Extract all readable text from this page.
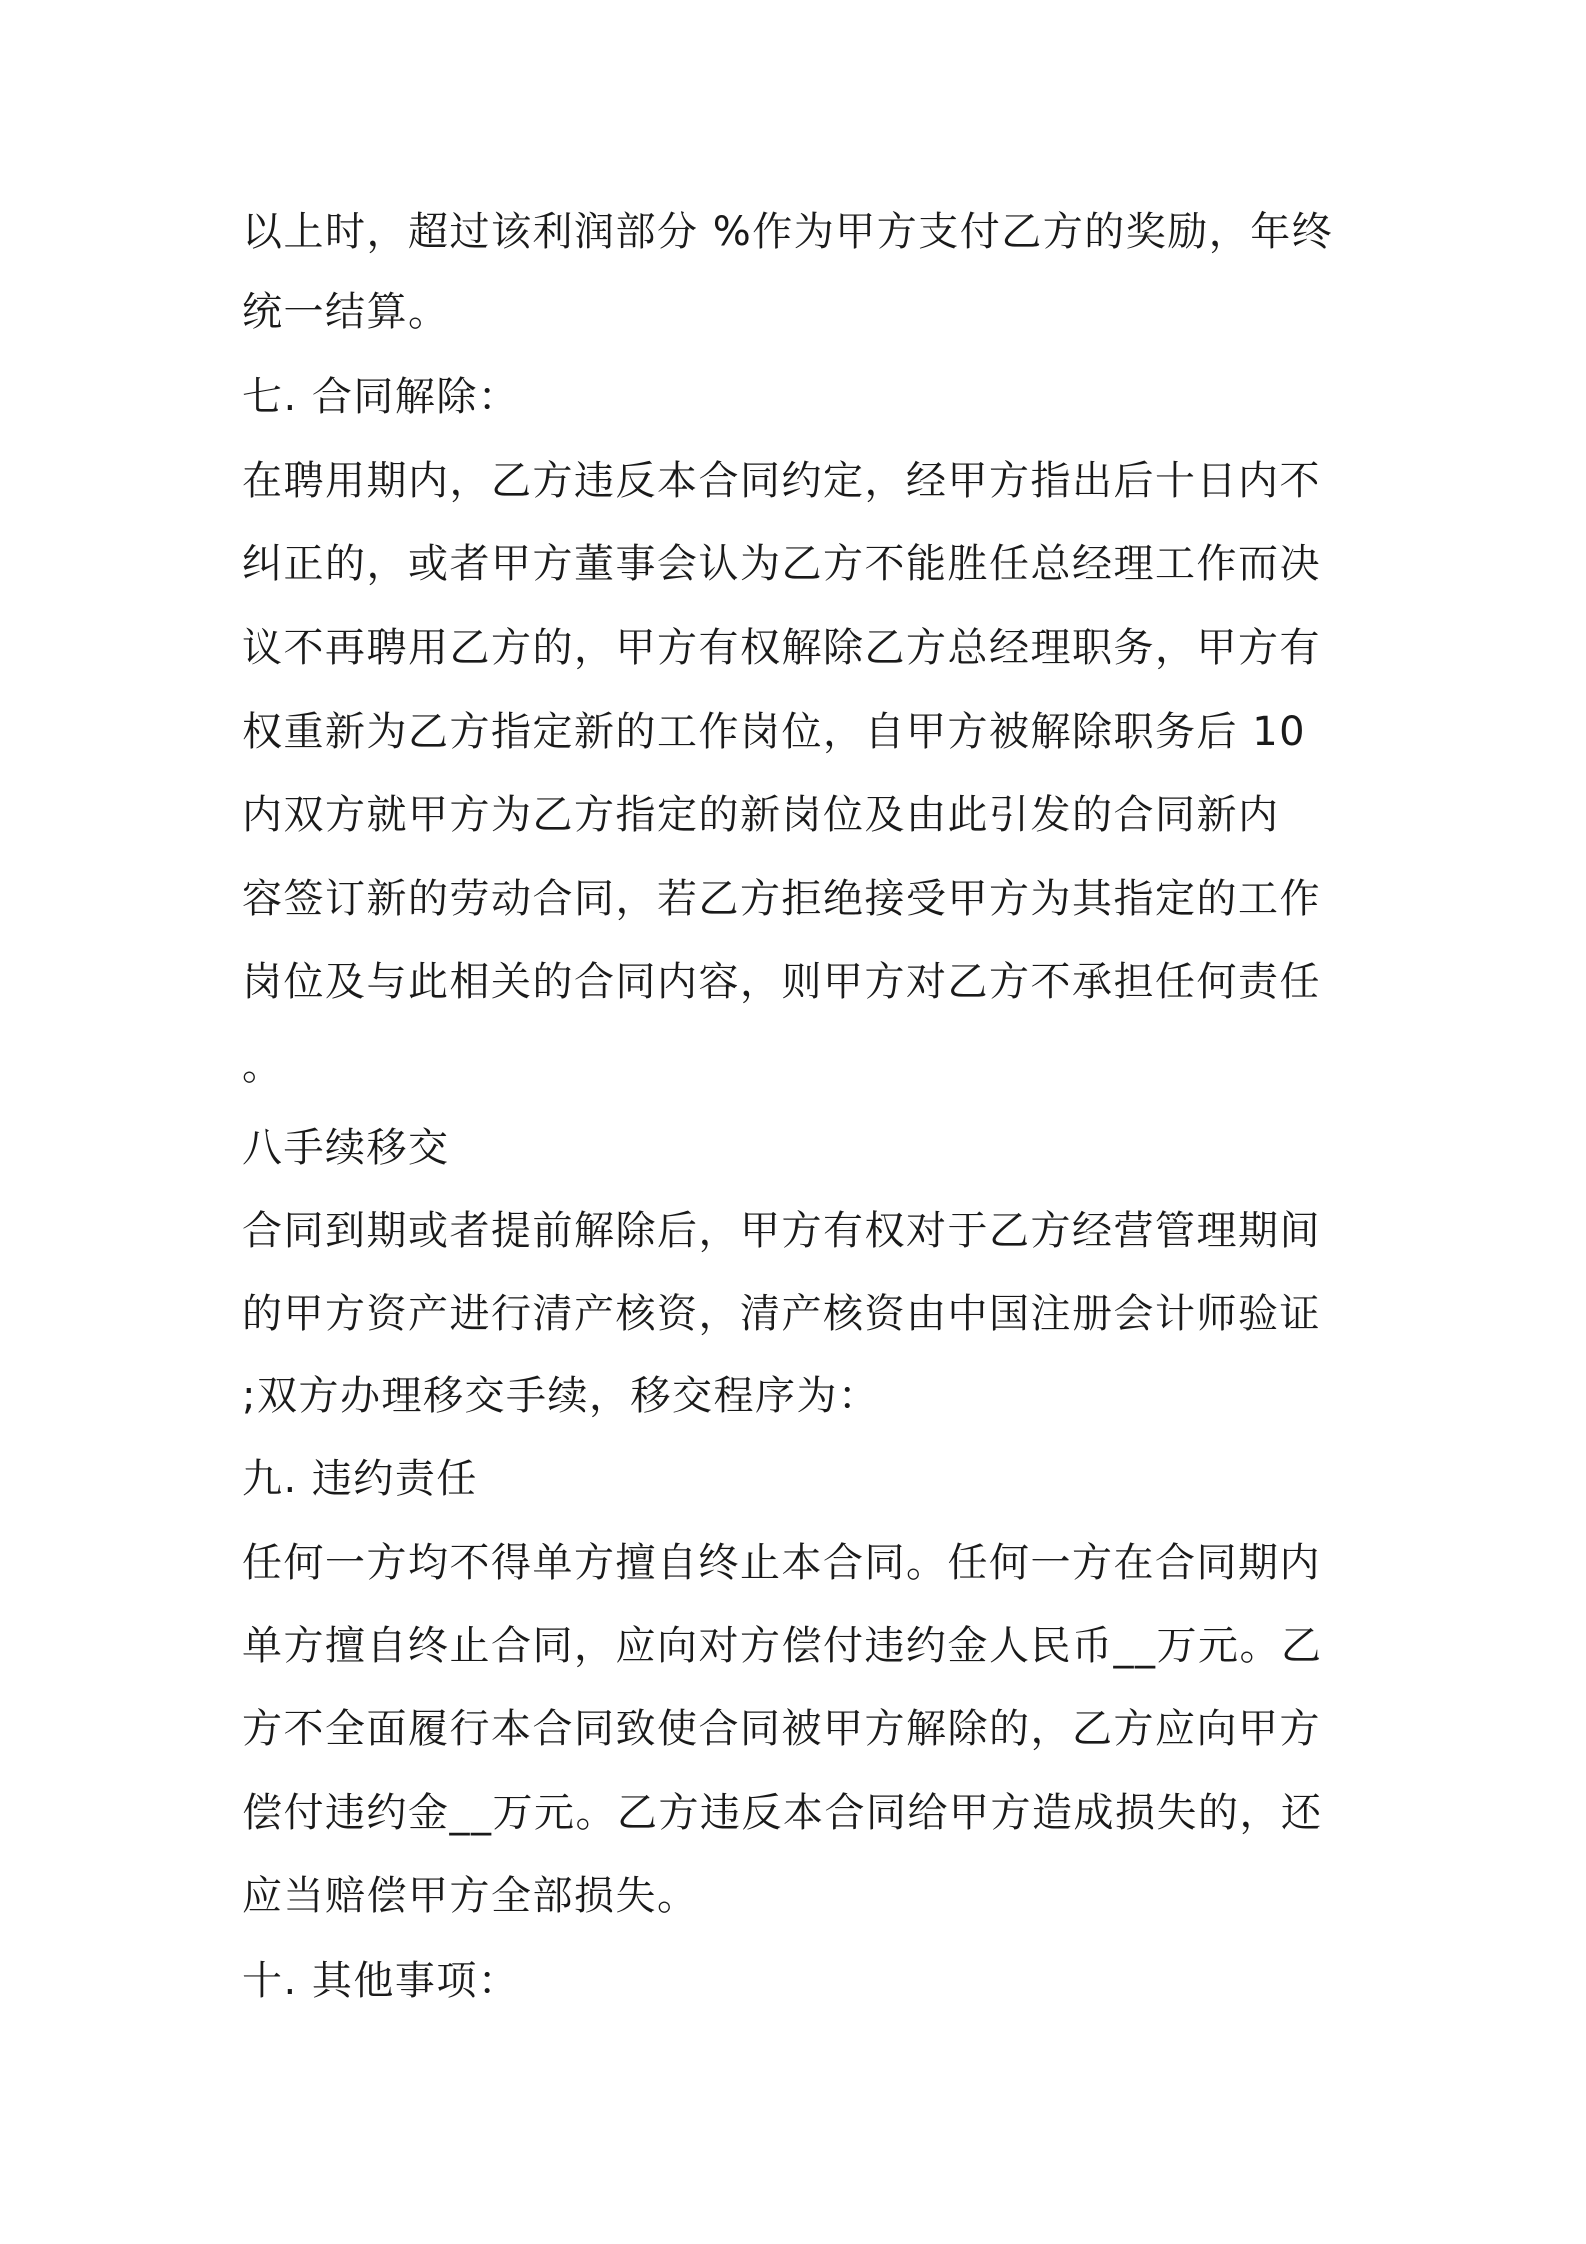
以上时，超过该利润部分 %作为甲方支付乙方的奖励，年终
统一结算。
七. 合同解除：
在聘用期内，乙方违反本合同约定，经甲方指出后十日内不
纠正的，或者甲方董事会认为乙方不能胜任总经理工作而决
议不再聘用乙方的，甲方有权解除乙方总经理职务，甲方有
权重新为乙方指定新的工作岗位，自甲方被解除职务后 10
内双方就甲方为乙方指定的新岗位及由此引发的合同新内
容签订新的劳动合同，若乙方拒绝接受甲方为其指定的工作
岗位及与此相关的合同内容，则甲方对乙方不承担任何责任
。
八手续移交
合同到期或者提前解除后，甲方有权对于乙方经营管理期间
的甲方资产进行清产核资，清产核资由中国注册会计师验证
;双方办理移交手续，移交程序为：
九. 违约责任
任何一方均不得单方擅自终止本合同。任何一方在合同期内
单方擅自终止合同，应向对方偿付违约金人民币__万元。乙
方不全面履行本合同致使合同被甲方解除的，乙方应向甲方
偿付违约金__万元。乙方违反本合同给甲方造成损失的，还
应当赔偿甲方全部损失。
十. 其他事项：
